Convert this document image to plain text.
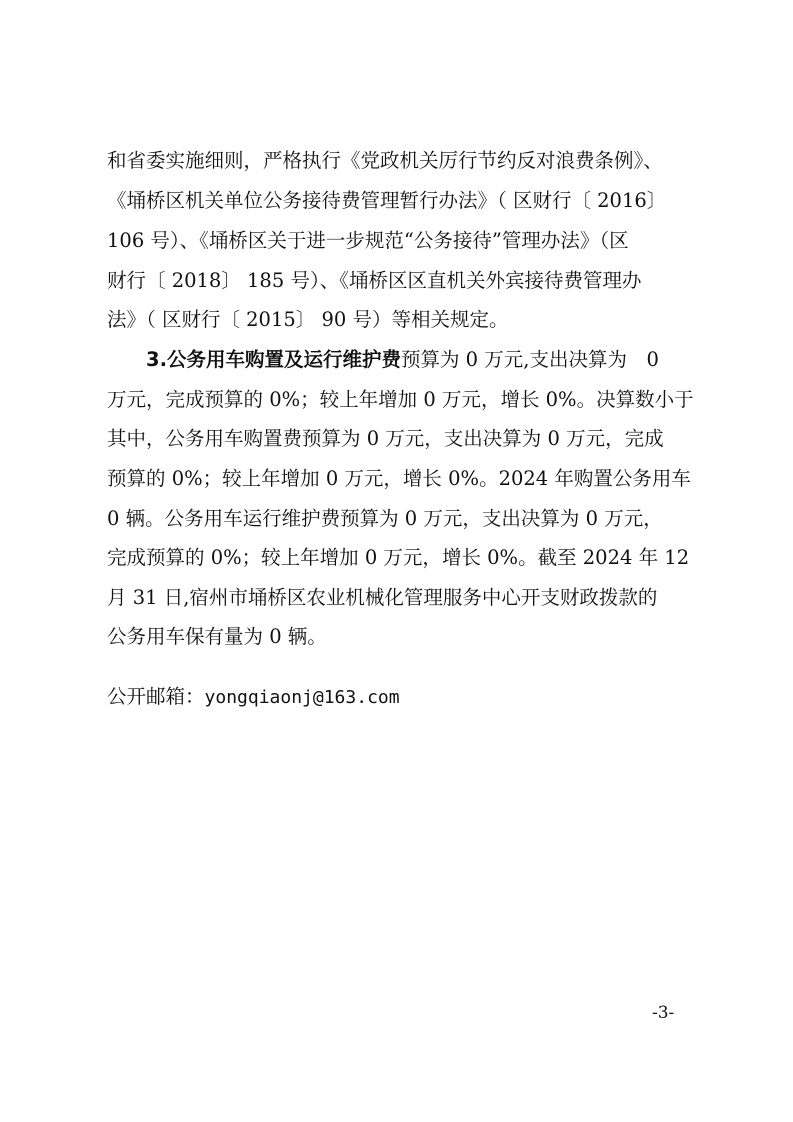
和省委实施细则，严格执行《党政机关厉行节约反对浪费条例》、
《埇桥区机关单位公务接待费管理暂行办法》（ 区财行〔 2016〕
106 号）、《埇桥区关于进一步规范“公务接待”管理办法》（区
财行〔 2018〕 185 号）、《埇桥区区直机关外宾接待费管理办
法》（ 区财行〔 2015〕 90 号）等相关规定。
3.公务用车购置及运行维护费预算为 0 万元,支出决算为　0
万元，完成预算的 0%；较上年增加 0 万元，增长 0%。决算数小于
其中，公务用车购置费预算为 0 万元，支出决算为 0 万元，完成
预算的 0%；较上年增加 0 万元，增长 0%。2024 年购置公务用车
0 辆。公务用车运行维护费预算为 0 万元，支出决算为 0 万元，
完成预算的 0%；较上年增加 0 万元，增长 0%。截至 2024 年 12
月 31 日,宿州市埇桥区农业机械化管理服务中心开支财政拨款的
公务用车保有量为 0 辆。
公开邮箱：yongqiaonj@163.com
-3-
